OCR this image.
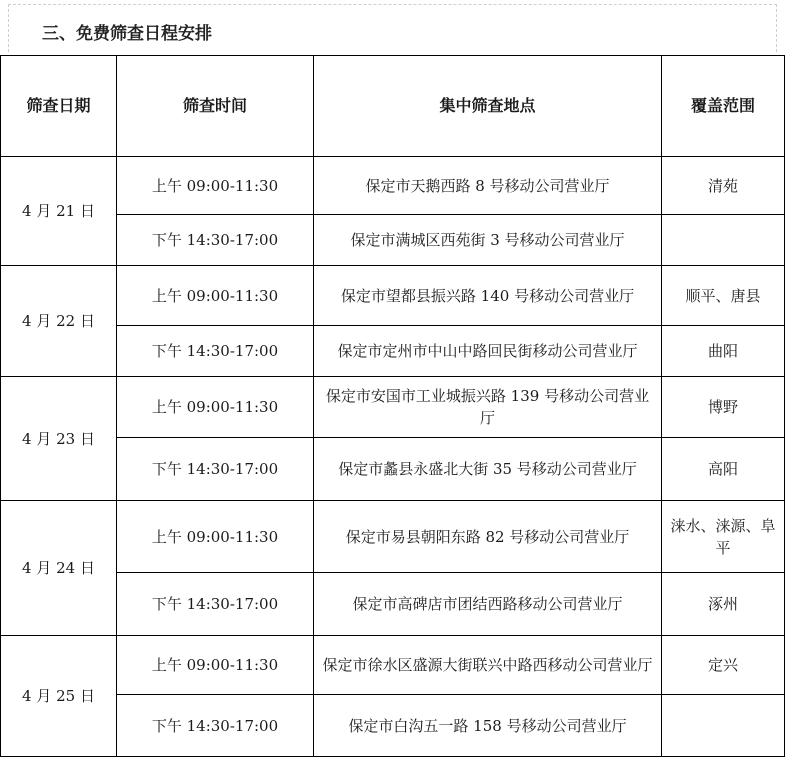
三、免费筛查日程安排
筛查日期	筛查时间	集中筛查地点	覆盖范围
4 月 21 日	上午 09:00-11:30	保定市天鹅西路 8 号移动公司营业厅	清苑
	下午 14:30-17:00	保定市满城区西苑街 3 号移动公司营业厅	
4 月 22 日	上午 09:00-11:30	保定市望都县振兴路 140 号移动公司营业厅	顺平、唐县
	下午 14:30-17:00	保定市定州市中山中路回民街移动公司营业厅	曲阳
4 月 23 日	上午 09:00-11:30	保定市安国市工业城振兴路 139 号移动公司营业厅	博野
	下午 14:30-17:00	保定市蠡县永盛北大街 35 号移动公司营业厅	高阳
4 月 24 日	上午 09:00-11:30	保定市易县朝阳东路 82 号移动公司营业厅	涞水、涞源、阜平
	下午 14:30-17:00	保定市高碑店市团结西路移动公司营业厅	涿州
4 月 25 日	上午 09:00-11:30	保定市徐水区盛源大街联兴中路西移动公司营业厅	定兴
	下午 14:30-17:00	保定市白沟五一路 158 号移动公司营业厅	
